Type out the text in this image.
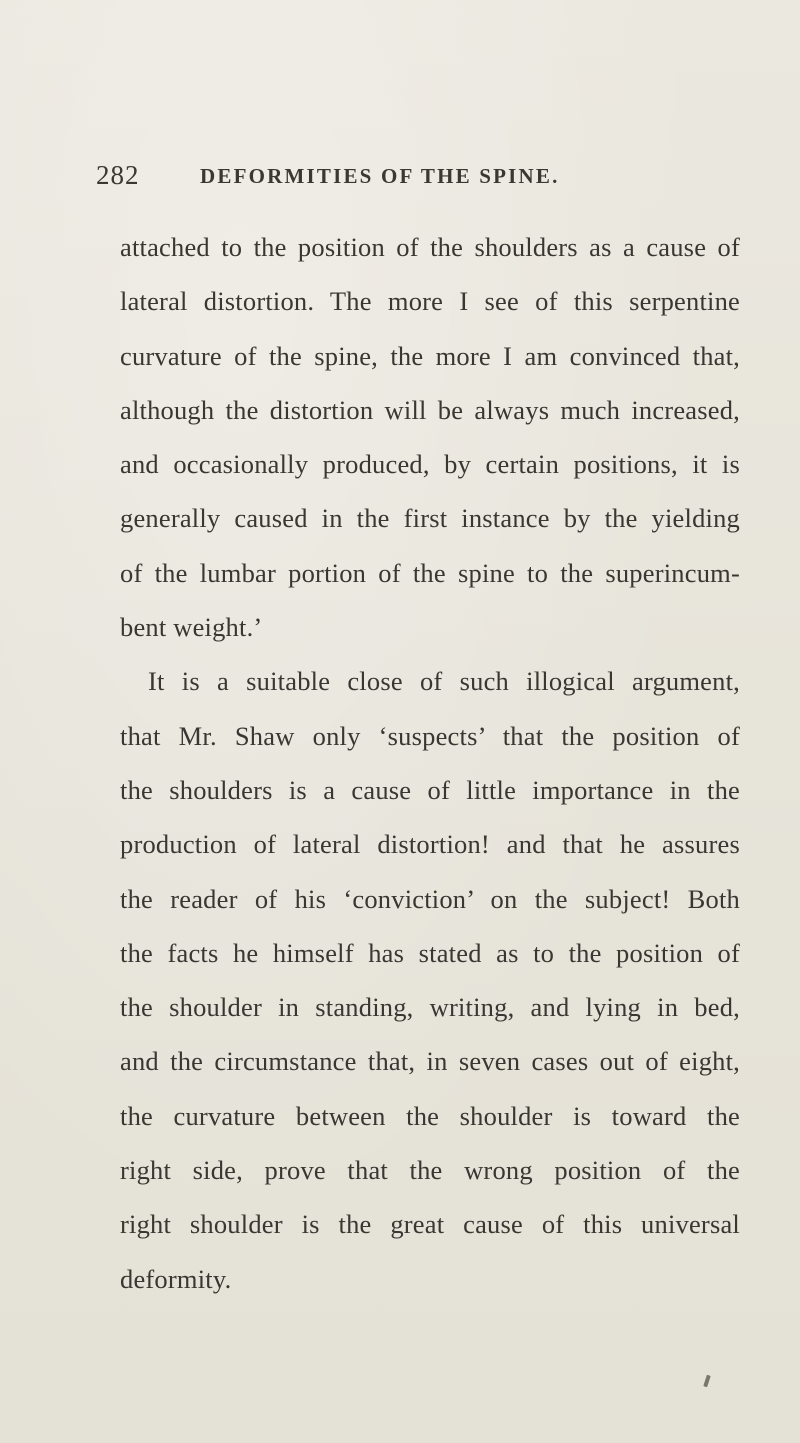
282	DEFORMITIES OF THE SPINE.
attached to the position of the shoulders as a cause of
lateral distortion. The more I see of this serpentine
curvature of the spine, the more I am convinced that,
although the distortion will be always much increased,
and occasionally produced, by certain positions, it is
generally caused in the first instance by the yielding
of the lumbar portion of the spine to the superincum-
bent weight.’
It is a suitable close of such illogical argument,
that Mr. Shaw only ‘suspects’ that the position of
the shoulders is a cause of little importance in the
production of lateral distortion! and that he assures
the reader of his ‘conviction’ on the subject! Both
the facts he himself has stated as to the position of
the shoulder in standing, writing, and lying in bed,
and the circumstance that, in seven cases out of eight,
the curvature between the shoulder is toward the
right side, prove that the wrong position of the
right shoulder is the great cause of this universal
deformity.
